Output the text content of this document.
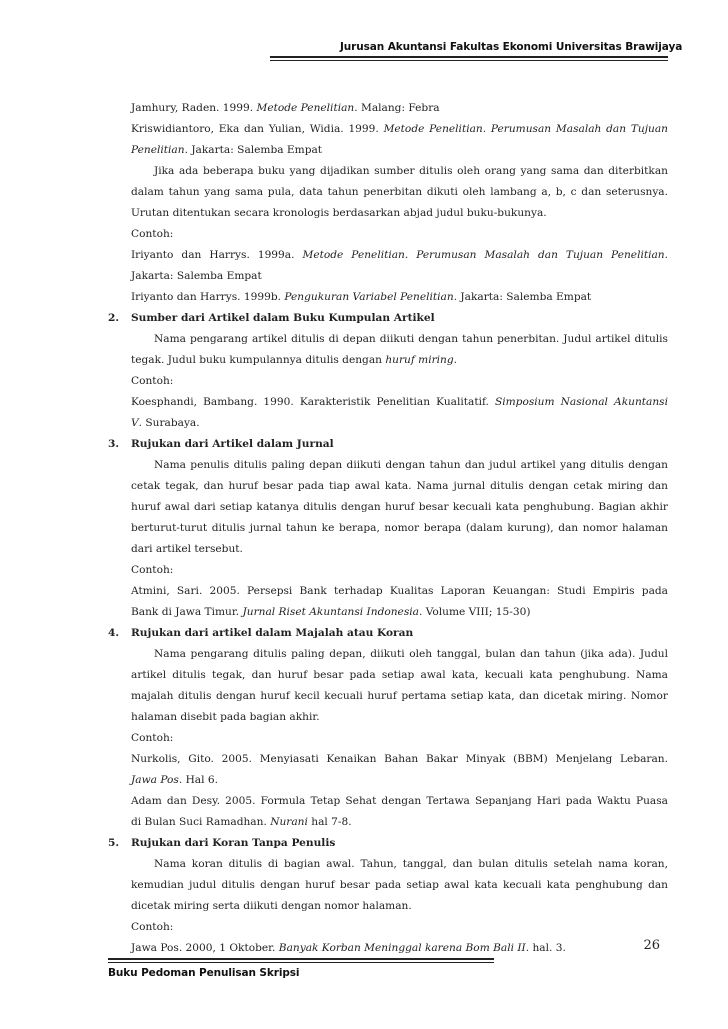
Jurusan Akuntansi Fakultas Ekonomi Universitas Brawijaya

Jamhury, Raden. 1999. Metode Penelitian. Malang: Febra

Kriswidiantoro, Eka dan Yulian, Widia. 1999. Metode Penelitian. Perumusan Masalah dan Tujuan

Penelitian. Jakarta: Salemba Empat

Jika ada beberapa buku yang dijadikan sumber ditulis oleh orang yang sama dan diterbitkan dalam tahun yang sama pula, data tahun penerbitan dikuti oleh lambang a, b, c dan seterusnya. Urutan ditentukan secara kronologis berdasarkan abjad judul buku-bukunya.

Contoh:

Iriyanto dan Harrys. 1999a. Metode Penelitian. Perumusan Masalah dan Tujuan Penelitian.

Jakarta: Salemba Empat

Iriyanto dan Harrys. 1999b. Pengukuran Variabel Penelitian. Jakarta: Salemba Empat

2.	Sumber dari Artikel dalam Buku Kumpulan Artikel

Nama pengarang artikel ditulis di depan diikuti dengan tahun penerbitan. Judul artikel ditulis tegak. Judul buku kumpulannya ditulis dengan huruf miring.

Contoh:

Koesphandi, Bambang. 1990. Karakteristik Penelitian Kualitatif. Simposium Nasional Akuntansi

V. Surabaya.

3.	Rujukan dari Artikel dalam Jurnal

Nama penulis ditulis paling depan diikuti dengan tahun dan judul artikel yang ditulis dengan cetak tegak, dan huruf besar pada tiap awal kata. Nama jurnal ditulis dengan cetak miring dan huruf awal dari setiap katanya ditulis dengan huruf besar kecuali kata penghubung. Bagian akhir berturut-turut ditulis jurnal tahun ke berapa, nomor berapa (dalam kurung), dan nomor halaman dari artikel tersebut.

Contoh:

Atmini, Sari. 2005. Persepsi Bank terhadap Kualitas Laporan Keuangan: Studi Empiris pada

Bank di Jawa Timur. Jurnal Riset Akuntansi Indonesia. Volume VIII; 15-30)

4.	Rujukan dari artikel dalam Majalah atau Koran

Nama pengarang ditulis paling depan, diikuti oleh tanggal, bulan dan tahun (jika ada). Judul artikel ditulis tegak, dan huruf besar pada setiap awal kata, kecuali kata penghubung. Nama majalah ditulis dengan huruf kecil kecuali huruf pertama setiap kata, dan dicetak miring. Nomor halaman disebit pada bagian akhir.

Contoh:

Nurkolis, Gito. 2005. Menyiasati Kenaikan Bahan Bakar Minyak (BBM) Menjelang Lebaran.

Jawa Pos. Hal 6.

Adam dan Desy. 2005. Formula Tetap Sehat dengan Tertawa Sepanjang Hari pada Waktu Puasa

di Bulan Suci Ramadhan. Nurani hal 7-8.

5.	Rujukan dari Koran Tanpa Penulis

Nama koran ditulis di bagian awal. Tahun, tanggal, dan bulan ditulis setelah nama koran, kemudian judul ditulis dengan huruf besar pada setiap awal kata kecuali kata penghubung dan dicetak miring serta diikuti dengan nomor halaman.

Contoh:

Jawa Pos. 2000, 1 Oktober. Banyak Korban Meninggal karena Bom Bali II. hal. 3.	26
Buku Pedoman Penulisan Skripsi
